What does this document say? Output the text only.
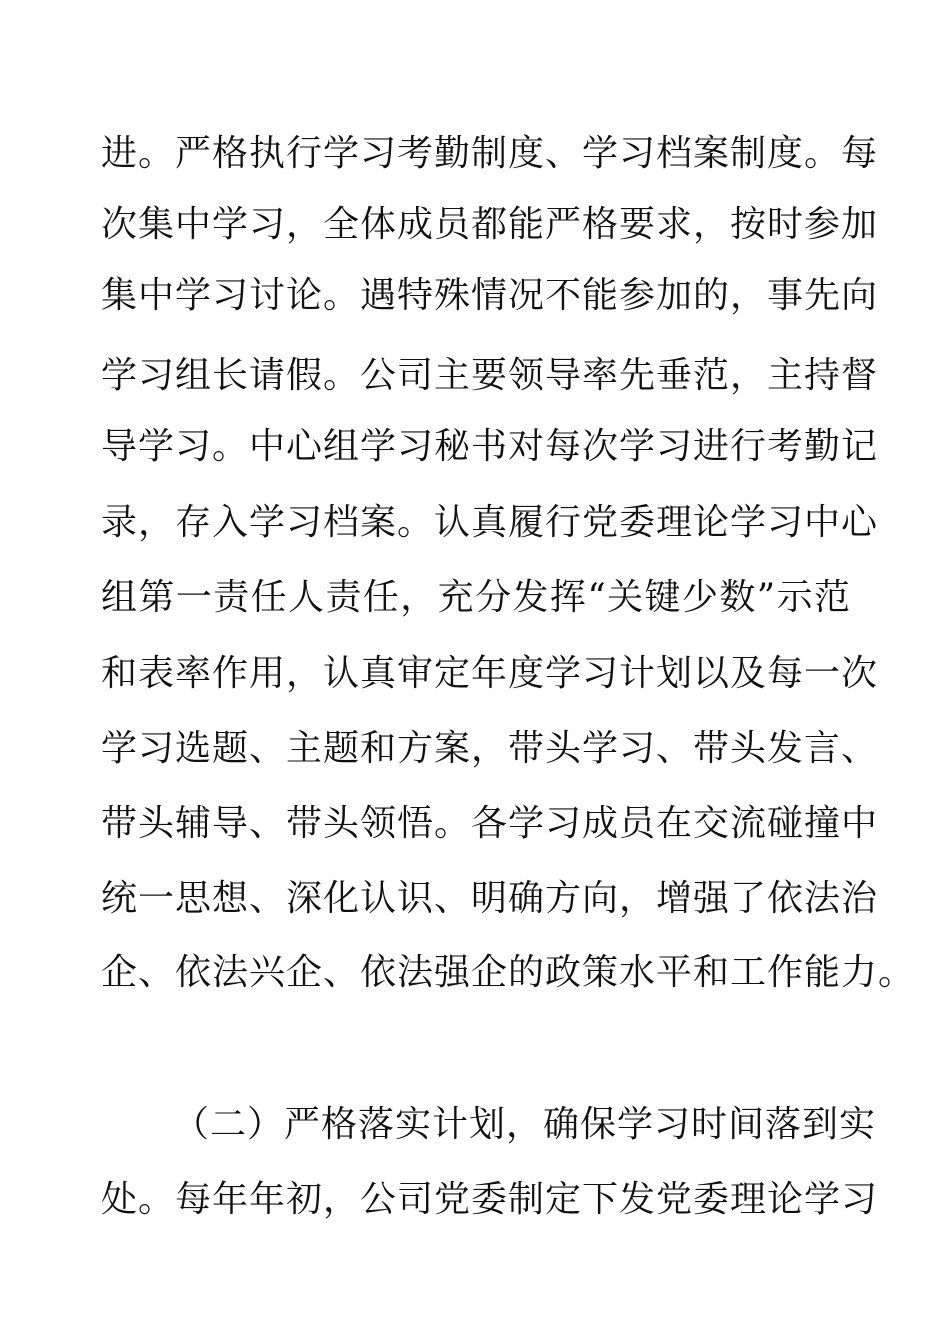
进。严格执行学习考勤制度、学习档案制度。每
次集中学习，全体成员都能严格要求，按时参加
集中学习讨论。遇特殊情况不能参加的，事先向
学习组长请假。公司主要领导率先垂范，主持督
导学习。中心组学习秘书对每次学习进行考勤记
录，存入学习档案。认真履行党委理论学习中心
组第一责任人责任，充分发挥“关键少数”示范
和表率作用，认真审定年度学习计划以及每一次
学习选题、主题和方案，带头学习、带头发言、
带头辅导、带头领悟。各学习成员在交流碰撞中
统一思想、深化认识、明确方向，增强了依法治
企、依法兴企、依法强企的政策水平和工作能力。
（二）严格落实计划，确保学习时间落到实
处。每年年初，公司党委制定下发党委理论学习
